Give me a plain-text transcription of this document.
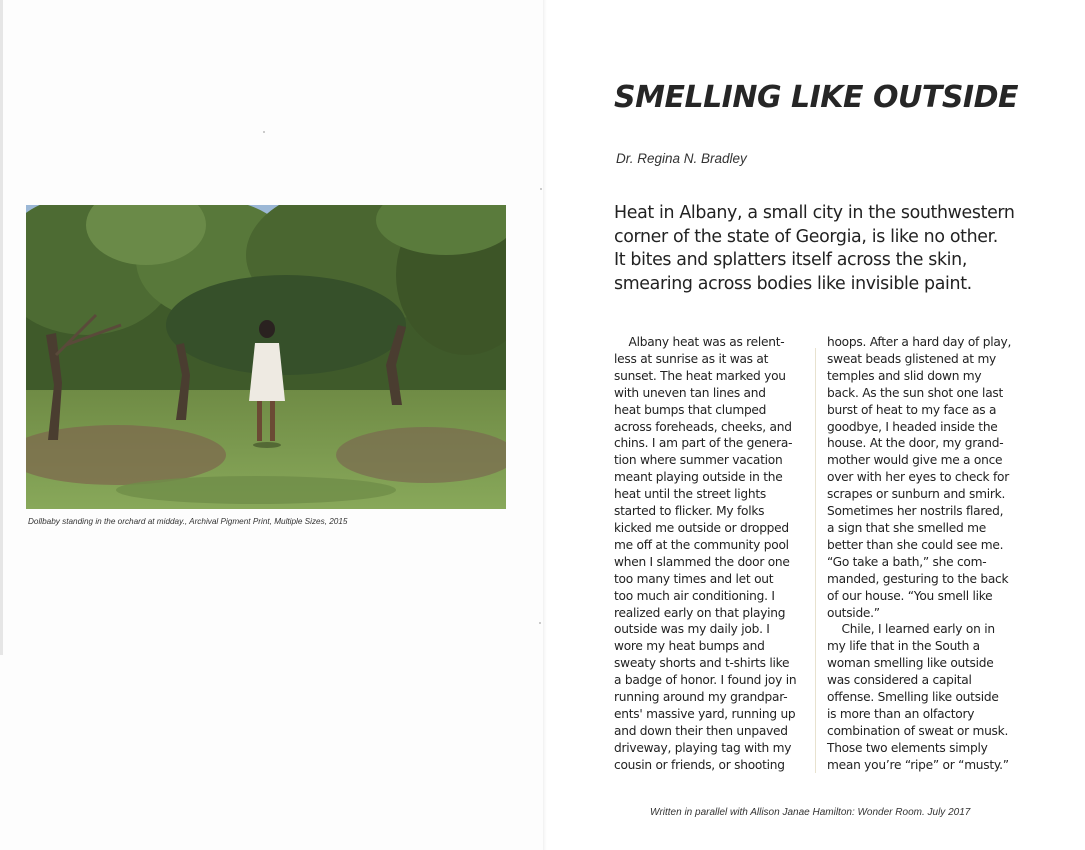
Dollbaby standing in the orchard at midday., Archival Pigment Print, Multiple Sizes, 2015
SMELLING LIKE OUTSIDE
Dr. Regina N. Bradley

Heat in Albany, a small city in the southwestern
corner of the state of Georgia, is like no other.
It bites and splatters itself across the skin,
smearing across bodies like invisible paint.

Albany heat was as relent-
less at sunrise as it was at
sunset. The heat marked you
with uneven tan lines and
heat bumps that clumped
across foreheads, cheeks, and
chins. I am part of the genera-
tion where summer vacation
meant playing outside in the
heat until the street lights
started to flicker. My folks
kicked me outside or dropped
me off at the community pool
when I slammed the door one
too many times and let out
too much air conditioning. I
realized early on that playing
outside was my daily job. I
wore my heat bumps and
sweaty shorts and t-shirts like
a badge of honor. I found joy in
running around my grandpar-
ents' massive yard, running up
and down their then unpaved
driveway, playing tag with my
cousin or friends, or shooting
hoops. After a hard day of play,
sweat beads glistened at my
temples and slid down my
back. As the sun shot one last
burst of heat to my face as a
goodbye, I headed inside the
house. At the door, my grand-
mother would give me a once
over with her eyes to check for
scrapes or sunburn and smirk.
Sometimes her nostrils flared,
a sign that she smelled me
better than she could see me.
“Go take a bath,” she com-
manded, gesturing to the back
of our house. “You smell like
outside.”
Chile, I learned early on in
my life that in the South a
woman smelling like outside
was considered a capital
offense. Smelling like outside
is more than an olfactory
combination of sweat or musk.
Those two elements simply
mean you’re “ripe” or “musty.”
Written in parallel with Allison Janae Hamilton: Wonder Room. July 2017
